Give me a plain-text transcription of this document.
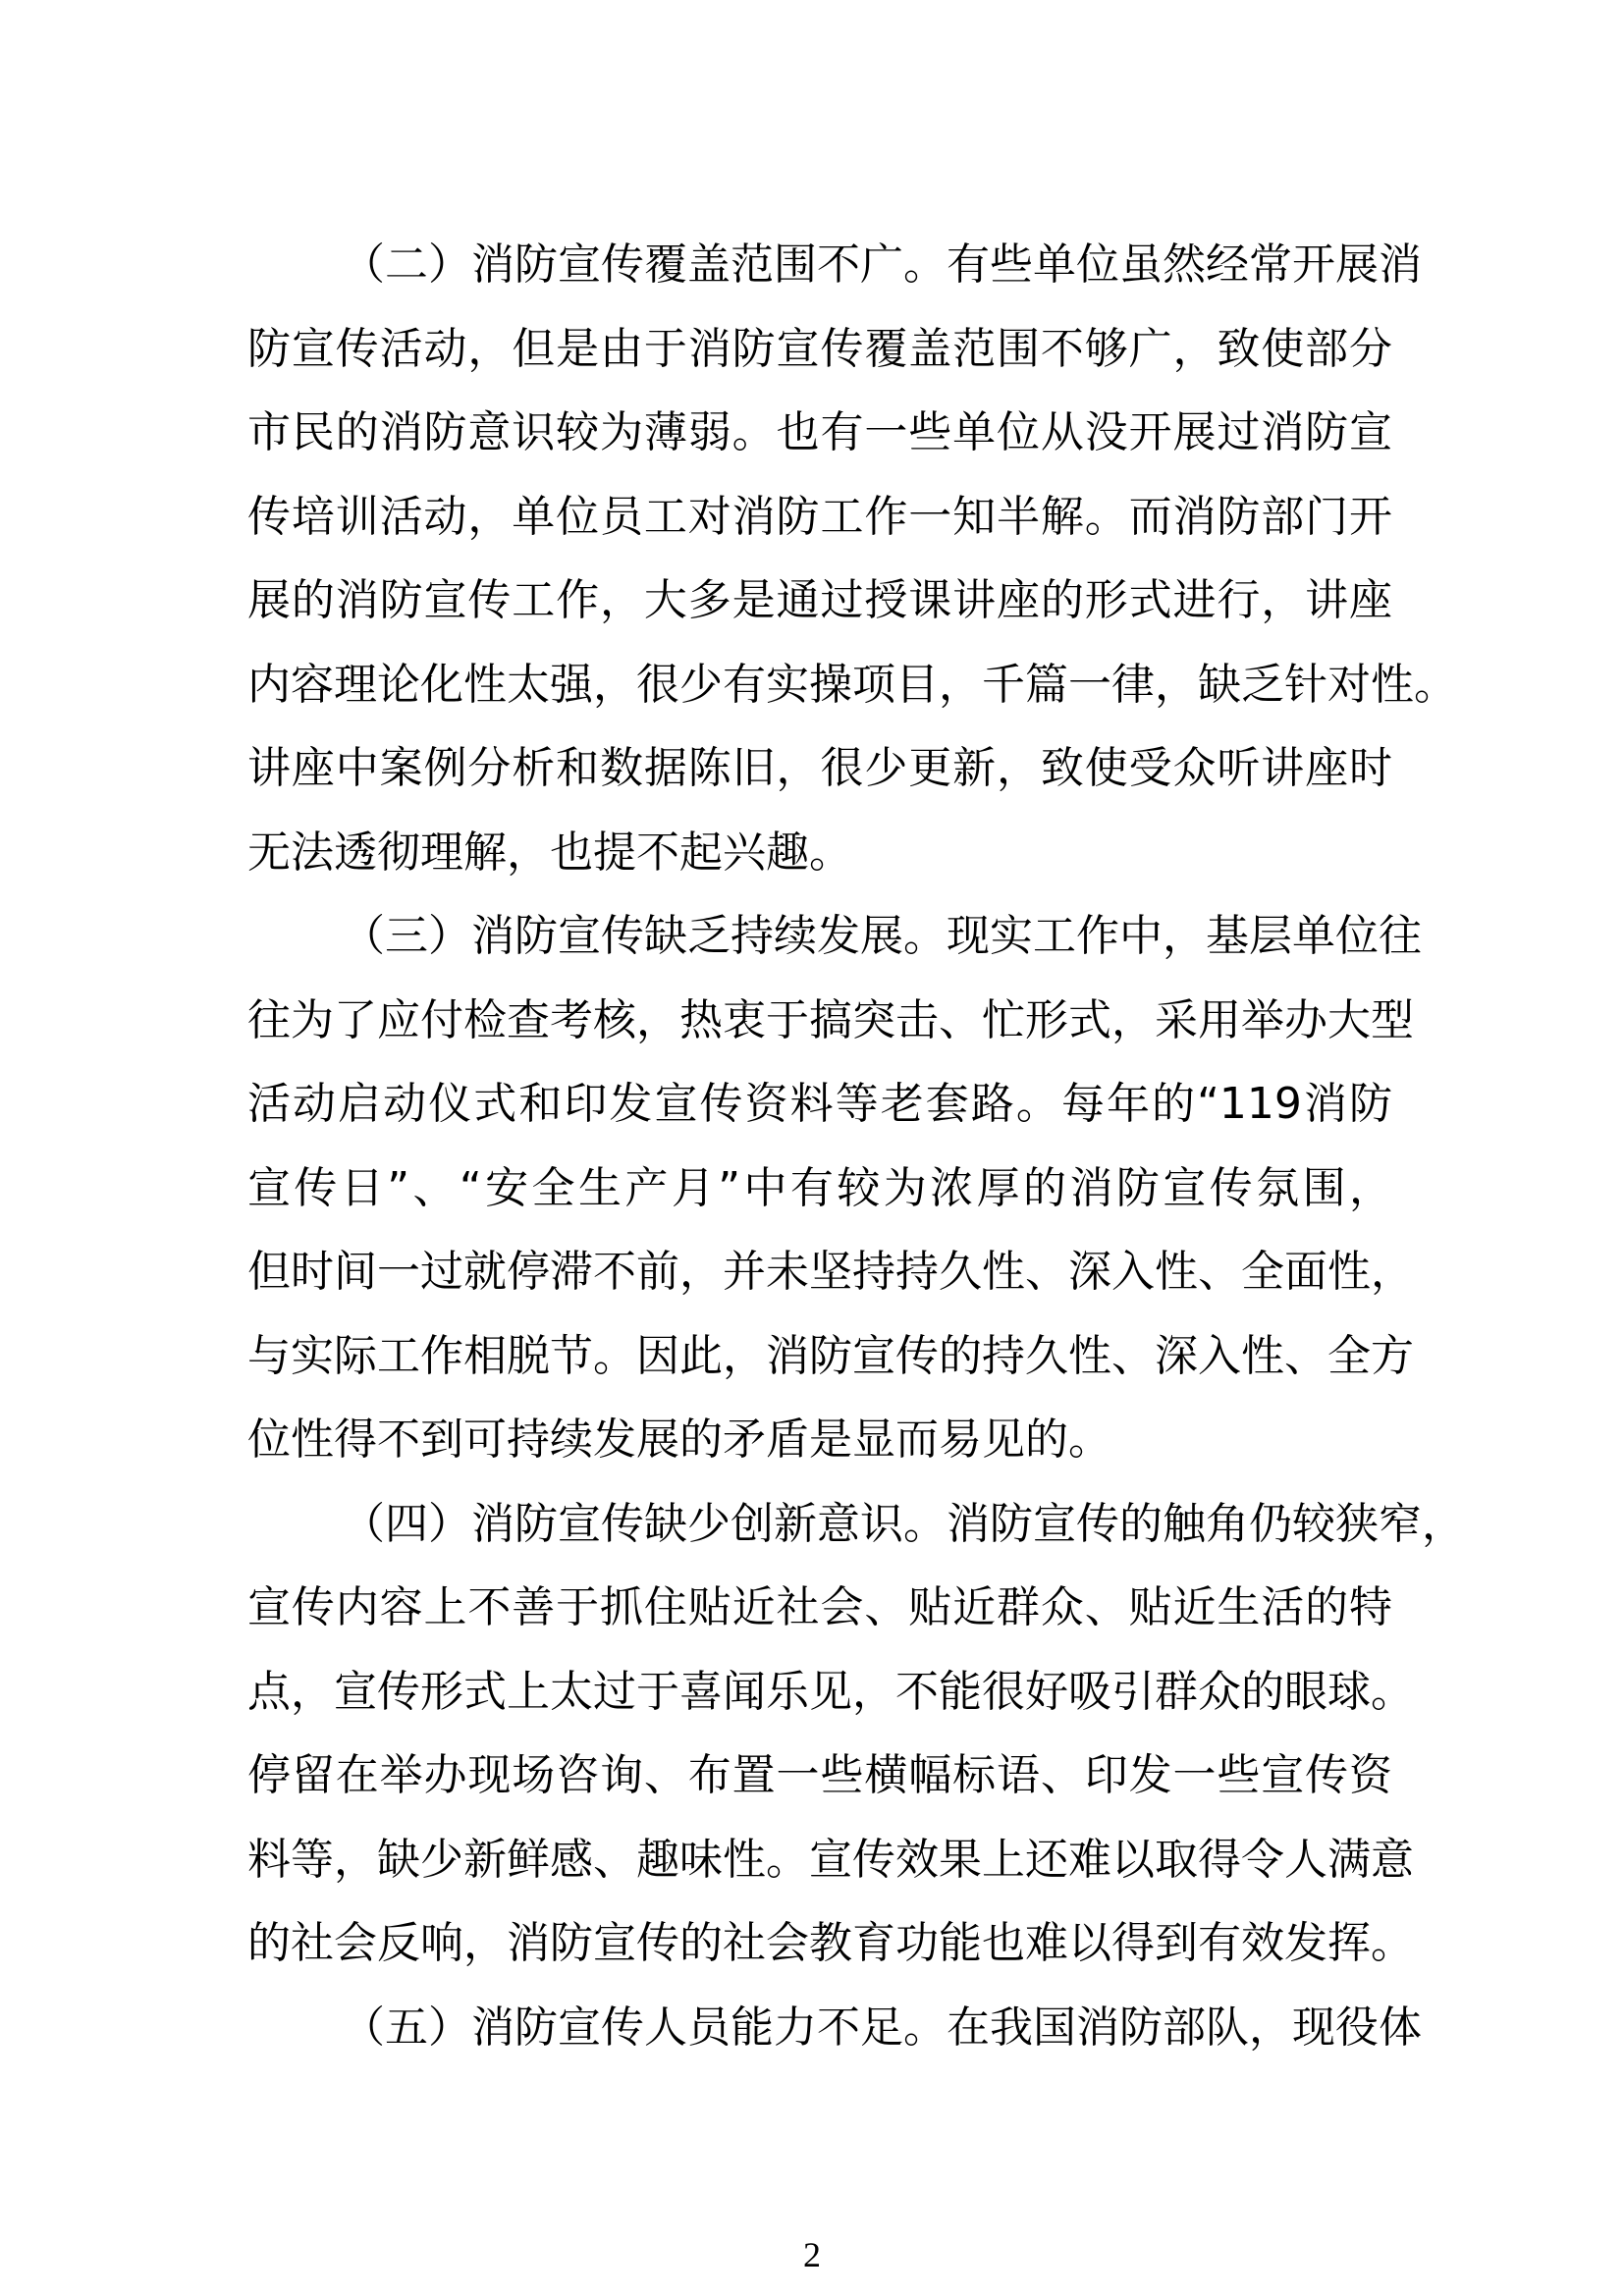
（二）消防宣传覆盖范围不广。有些单位虽然经常开展消
防宣传活动，但是由于消防宣传覆盖范围不够广，致使部分
市民的消防意识较为薄弱。也有一些单位从没开展过消防宣
传培训活动，单位员工对消防工作一知半解。而消防部门开
展的消防宣传工作，大多是通过授课讲座的形式进行，讲座
内容理论化性太强，很少有实操项目，千篇一律，缺乏针对性。
讲座中案例分析和数据陈旧，很少更新，致使受众听讲座时
无法透彻理解，也提不起兴趣。
（三）消防宣传缺乏持续发展。现实工作中，基层单位往
往为了应付检查考核，热衷于搞突击、忙形式，采用举办大型
活动启动仪式和印发宣传资料等老套路。每年的“119消防
宣传日”、“安全生产月”中有较为浓厚的消防宣传氛围，
但时间一过就停滞不前，并未坚持持久性、深入性、全面性，
与实际工作相脱节。因此，消防宣传的持久性、深入性、全方
位性得不到可持续发展的矛盾是显而易见的。
（四）消防宣传缺少创新意识。消防宣传的触角仍较狭窄，
宣传内容上不善于抓住贴近社会、贴近群众、贴近生活的特
点，宣传形式上太过于喜闻乐见，不能很好吸引群众的眼球。
停留在举办现场咨询、布置一些横幅标语、印发一些宣传资
料等，缺少新鲜感、趣味性。宣传效果上还难以取得令人满意
的社会反响，消防宣传的社会教育功能也难以得到有效发挥。
（五）消防宣传人员能力不足。在我国消防部队，现役体
2
